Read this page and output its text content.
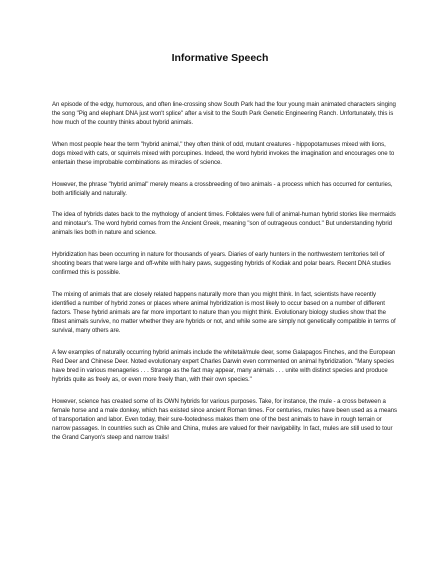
Informative Speech

An episode of the edgy, humorous, and often line-crossing show South Park had the four young main animated characters singing the song "Pig and elephant DNA just won't splice" after a visit to the South Park Genetic Engineering Ranch. Unfortunately, this is how much of the country thinks about hybrid animals.

When most people hear the term "hybrid animal," they often think of odd, mutant creatures - hippopotamuses mixed with lions, dogs mixed with cats, or squirrels mixed with porcupines. Indeed, the word hybrid invokes the imagination and encourages one to entertain these improbable combinations as miracles of science.

However, the phrase "hybrid animal" merely means a crossbreeding of two animals - a process which has occurred for centuries, both artificially and naturally.

The idea of hybrids dates back to the mythology of ancient times. Folktales were full of animal-human hybrid stories like mermaids and minotaur's. The word hybrid comes from the Ancient Greek, meaning "son of outrageous conduct." But understanding hybrid animals lies both in nature and science.

Hybridization has been occurring in nature for thousands of years. Diaries of early hunters in the northwestern territories tell of shooting bears that were large and off-white with hairy paws, suggesting hybrids of Kodiak and polar bears. Recent DNA studies confirmed this is possible.

The mixing of animals that are closely related happens naturally more than you might think. In fact, scientists have recently identified a number of hybrid zones or places where animal hybridization is most likely to occur based on a number of different factors. These hybrid animals are far more important to nature than you might think. Evolutionary biology studies show that the fittest animals survive, no matter whether they are hybrids or not, and while some are simply not genetically compatible in terms of survival, many others are.

A few examples of naturally occurring hybrid animals include the whitetail/mule deer, some Galapagos Finches, and the European Red Deer and Chinese Deer. Noted evolutionary expert Charles Darwin even commented on animal hybridization. "Many species have bred in various menageries . . . Strange as the fact may appear, many animals . . . unite with distinct species and produce hybrids quite as freely as, or even more freely than, with their own species."

However, science has created some of its OWN hybrids for various purposes. Take, for instance, the mule - a cross between a female horse and a male donkey, which has existed since ancient Roman times. For centuries, mules have been used as a means of transportation and labor. Even today, their sure-footedness makes them one of the best animals to have in rough terrain or narrow passages. In countries such as Chile and China, mules are valued for their navigability. In fact, mules are still used to tour the Grand Canyon's steep and narrow trails!
